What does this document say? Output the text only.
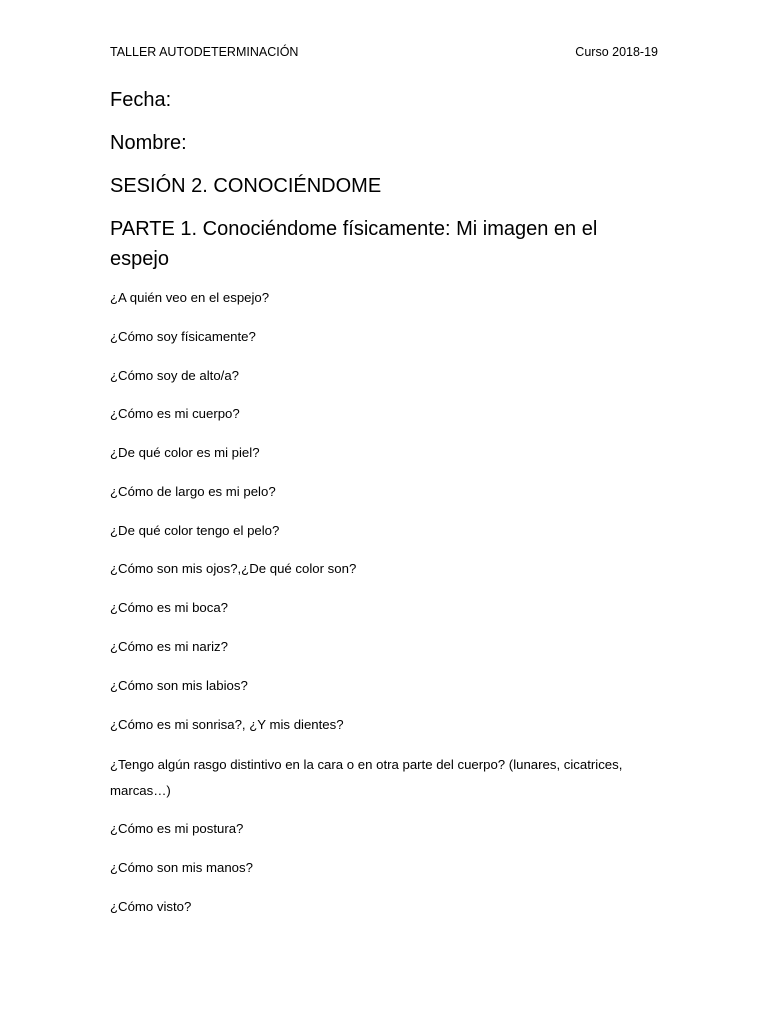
TALLER AUTODETERMINACIÓN	Curso 2018-19
Fecha:
Nombre:
SESIÓN 2. CONOCIÉNDOME
PARTE 1. Conociéndome físicamente: Mi imagen en el espejo
¿A quién veo en el espejo?
¿Cómo soy físicamente?
¿Cómo soy de alto/a?
¿Cómo es mi cuerpo?
¿De qué color es mi piel?
¿Cómo de largo es mi pelo?
¿De qué color tengo el pelo?
¿Cómo son mis ojos?,¿De qué color son?
¿Cómo es mi boca?
¿Cómo es mi nariz?
¿Cómo son mis labios?
¿Cómo es mi sonrisa?, ¿Y mis dientes?
¿Tengo algún rasgo distintivo en la cara o en otra parte del cuerpo? (lunares, cicatrices, marcas…)
¿Cómo es mi postura?
¿Cómo son mis manos?
¿Cómo visto?
